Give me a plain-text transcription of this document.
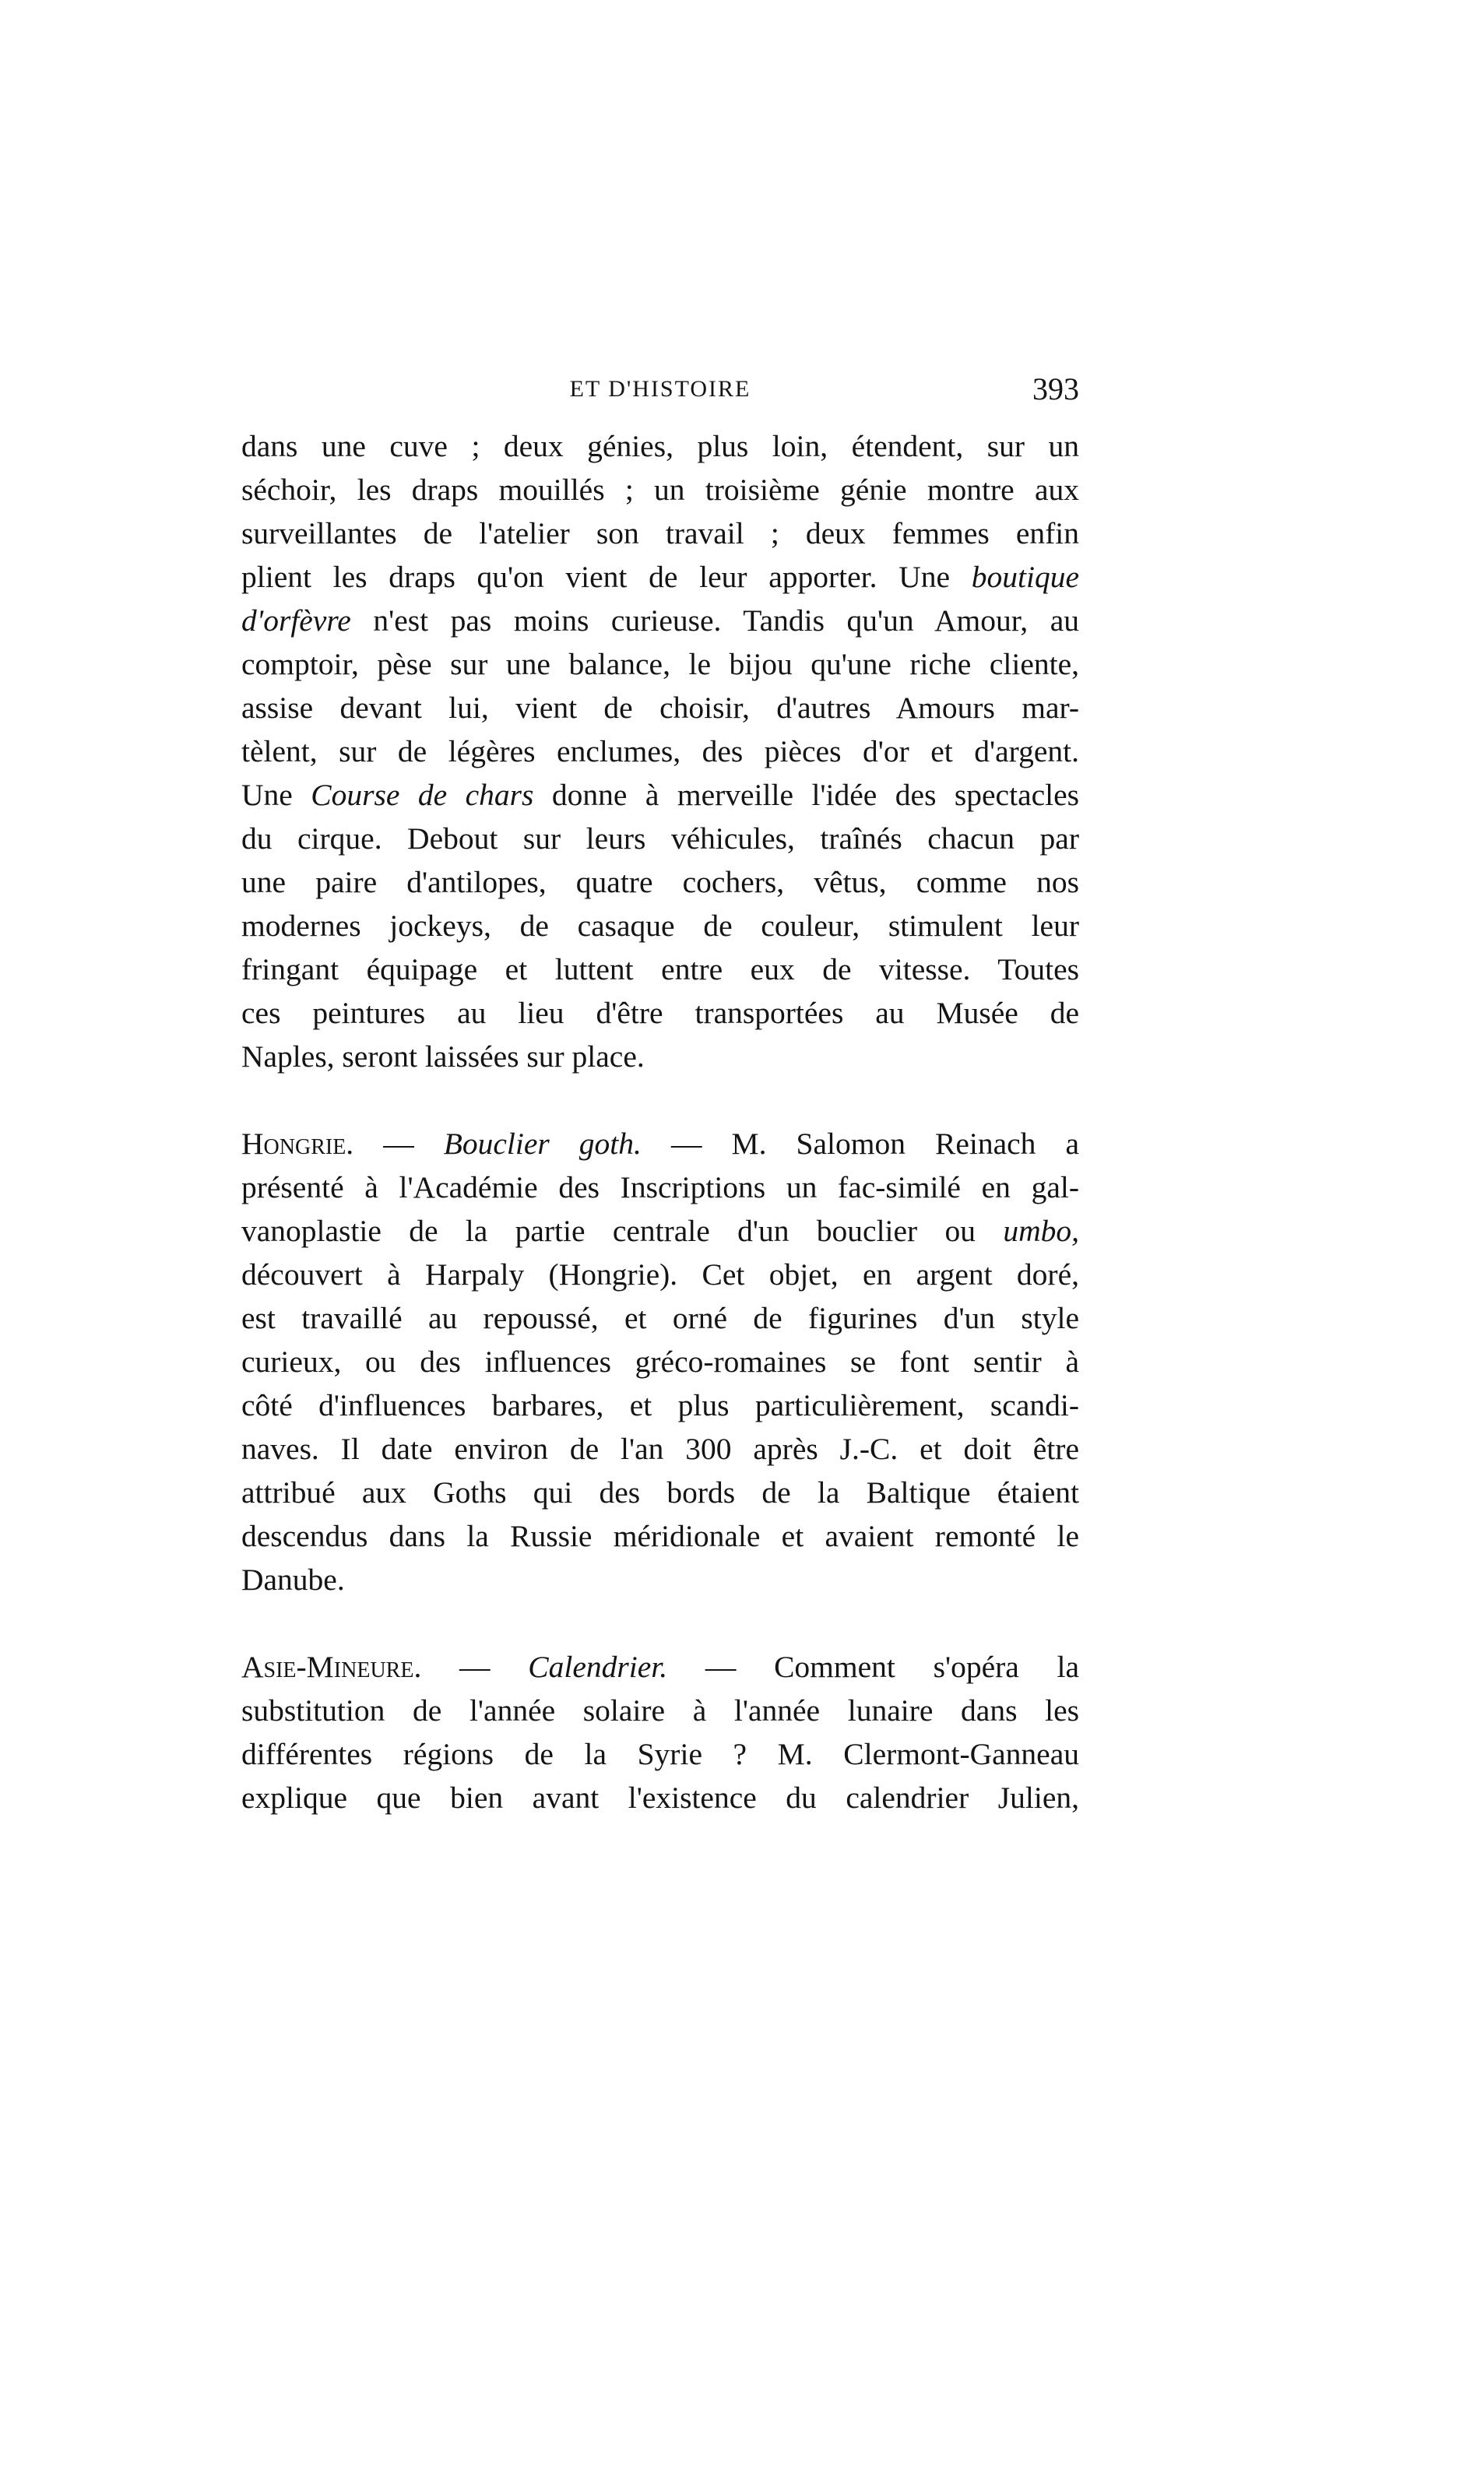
ET D'HISTOIRE	393
dans une cuve ; deux génies, plus loin, étendent, sur un
séchoir, les draps mouillés ; un troisième génie montre aux
surveillantes de l'atelier son travail ; deux femmes enfin
plient les draps qu'on vient de leur apporter. Une boutique
d'orfèvre n'est pas moins curieuse. Tandis qu'un Amour, au
comptoir, pèse sur une balance, le bijou qu'une riche cliente,
assise devant lui, vient de choisir, d'autres Amours mar-
tèlent, sur de légères enclumes, des pièces d'or et d'argent.
Une Course de chars donne à merveille l'idée des spectacles
du cirque. Debout sur leurs véhicules, traînés chacun par
une paire d'antilopes, quatre cochers, vêtus, comme nos
modernes jockeys, de casaque de couleur, stimulent leur
fringant équipage et luttent entre eux de vitesse. Toutes
ces peintures au lieu d'être transportées au Musée de
Naples, seront laissées sur place.
Hongrie. — Bouclier goth. — M. Salomon Reinach a
présenté à l'Académie des Inscriptions un fac-similé en gal-
vanoplastie de la partie centrale d'un bouclier ou umbo,
découvert à Harpaly (Hongrie). Cet objet, en argent doré,
est travaillé au repoussé, et orné de figurines d'un style
curieux, ou des influences gréco-romaines se font sentir à
côté d'influences barbares, et plus particulièrement, scandi-
naves. Il date environ de l'an 300 après J.-C. et doit être
attribué aux Goths qui des bords de la Baltique étaient
descendus dans la Russie méridionale et avaient remonté le
Danube.
Asie-Mineure. — Calendrier. — Comment s'opéra la
substitution de l'année solaire à l'année lunaire dans les
différentes régions de la Syrie ? M. Clermont-Ganneau
explique que bien avant l'existence du calendrier Julien,
